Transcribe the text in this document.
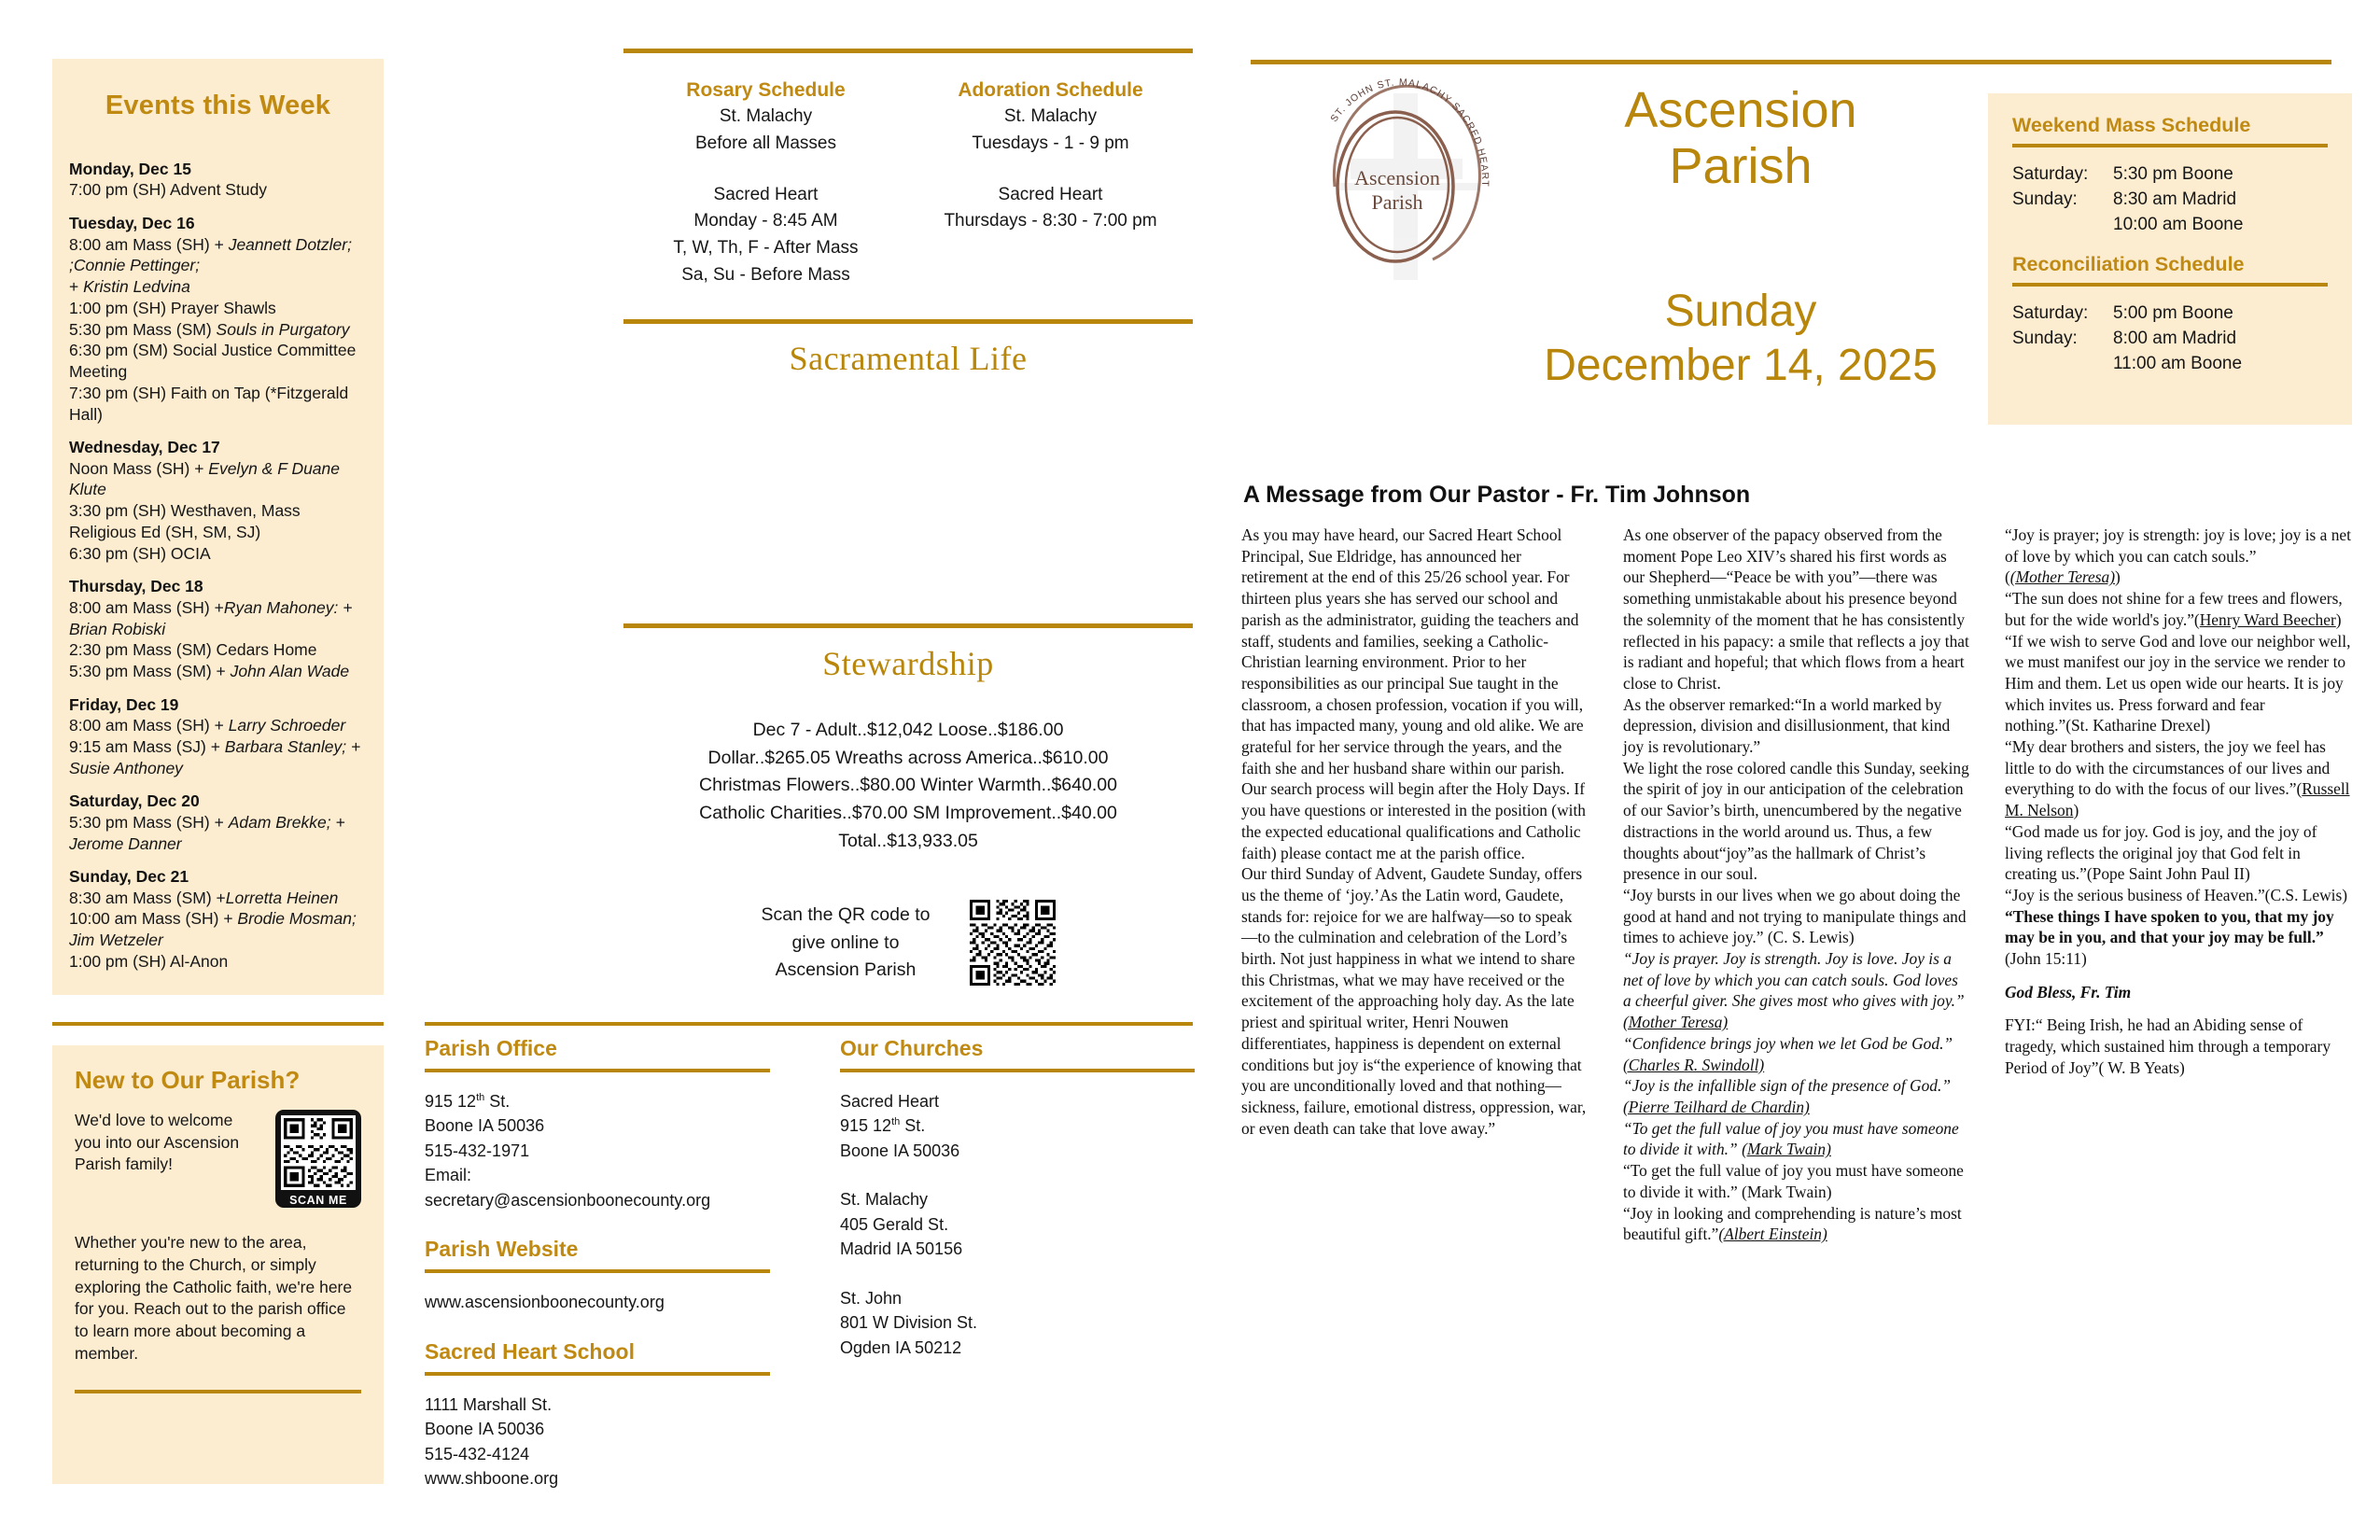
Events this Week
Monday, Dec 15
7:00 pm (SH) Advent Study
Tuesday, Dec 16
8:00 am Mass (SH) + Jeannett Dotzler; ;Connie Pettinger;
+ Kristin Ledvina
1:00 pm (SH) Prayer Shawls
5:30 pm Mass (SM) Souls in Purgatory
6:30 pm (SM) Social Justice Committee Meeting
7:30 pm (SH) Faith on Tap (*Fitzgerald Hall)
Wednesday, Dec 17
Noon Mass (SH) + Evelyn & F Duane Klute
3:30 pm (SH) Westhaven, Mass
Religious Ed (SH, SM, SJ)
6:30 pm (SH) OCIA
Thursday, Dec 18
8:00 am Mass (SH) +Ryan Mahoney: + Brian Robiski
2:30 pm Mass (SM) Cedars Home
5:30 pm Mass (SM) + John Alan Wade
Friday, Dec 19
8:00 am Mass (SH) + Larry Schroeder
9:15 am Mass (SJ) + Barbara Stanley; + Susie Anthoney
Saturday, Dec 20
5:30 pm Mass (SH) + Adam Brekke; + Jerome Danner
Sunday, Dec 21
8:30 am Mass (SM) +Lorretta Heinen
10:00 am Mass (SH) + Brodie Mosman; Jim Wetzeler
1:00 pm (SH) Al-Anon
Rosary Schedule
St. Malachy
Before all Masses
Sacred Heart
Monday - 8:45 AM
T, W, Th, F - After Mass
Sa, Su - Before Mass
Adoration Schedule
St. Malachy
Tuesdays - 1 - 9 pm
Sacred Heart
Thursdays - 8:30 - 7:00 pm
Sacramental Life
Stewardship
Dec 7 - Adult..$12,042 Loose..$186.00
Dollar..$265.05 Wreaths across America..$610.00
Christmas Flowers..$80.00 Winter Warmth..$640.00
Catholic Charities..$70.00 SM Improvement..$40.00
Total..$13,933.05
Scan the QR code to
give online to
Ascension Parish
Ascension
Parish
ST. JOHN ST. MALACHY SACRED HEART
Ascension
Parish
Sunday
December 14, 2025
Weekend Mass Schedule
Saturday:	5:30 pm Boone
Sunday:	8:30 am Madrid
10:00 am Boone
Reconciliation Schedule
Saturday:	5:00 pm Boone
Sunday:	8:00 am Madrid
11:00 am Boone
A Message from Our Pastor - Fr. Tim Johnson

As you may have heard, our Sacred Heart School Principal, Sue Eldridge, has announced her retirement at the end of this 25/26 school year. For thirteen plus years she has served our school and parish as the administrator, guiding the teachers and staff, students and families, seeking a Catholic-Christian learning environment. Prior to her responsibilities as our principal Sue taught in the classroom, a chosen profession, vocation if you will, that has impacted many, young and old alike. We are grateful for her service through the years, and the faith she and her husband share within our parish. Our search process will begin after the Holy Days. If you have questions or interested in the position (with the expected educational qualifications and Catholic faith) please contact me at the parish office.

Our third Sunday of Advent, Gaudete Sunday, offers us the theme of ‘joy.’As the Latin word, Gaudete, stands for: rejoice for we are halfway—so to speak—to the culmination and celebration of the Lord’s birth. Not just happiness in what we intend to share this Christmas, what we may have received or the excitement of the approaching holy day. As the late priest and spiritual writer, Henri Nouwen differentiates, happiness is dependent on external conditions but joy is“the experience of knowing that you are unconditionally loved and that nothing—sickness, failure, emotional distress, oppression, war, or even death can take that love away.”

As one observer of the papacy observed from the moment Pope Leo XIV’s shared his first words as our Shepherd—“Peace be with you”—there was something unmistakable about his presence beyond the solemnity of the moment that he has consistently reflected in his papacy: a smile that reflects a joy that is radiant and hopeful; that which flows from a heart close to Christ.

As the observer remarked:“In a world marked by depression, division and disillusionment, that kind joy is revolutionary.”

We light the rose colored candle this Sunday, seeking the spirit of joy in our anticipation of the celebration of our Savior’s birth, unencumbered by the negative distractions in the world around us. Thus, a few thoughts about“joy”as the hallmark of Christ’s presence in our soul.

“Joy bursts in our lives when we go about doing the good at hand and not trying to manipulate things and times to achieve joy.” (C. S. Lewis)

“Joy is prayer. Joy is strength. Joy is love. Joy is a net of love by which you can catch souls. God loves a cheerful giver. She gives most who gives with joy.” (Mother Teresa)

“Confidence brings joy when we let God be God.” (Charles R. Swindoll)

“Joy is the infallible sign of the presence of God.” (Pierre Teilhard de Chardin)

“To get the full value of joy you must have someone to divide it with.” (Mark Twain)

“To get the full value of joy you must have someone to divide it with.” (Mark Twain)

“Joy in looking and comprehending is nature’s most beautiful gift.”(Albert Einstein)

“Joy is prayer; joy is strength: joy is love; joy is a net of love by which you can catch souls.”

((Mother Teresa))

“The sun does not shine for a few trees and flowers, but for the wide world's joy.”(Henry Ward Beecher)

“If we wish to serve God and love our neighbor well, we must manifest our joy in the service we render to Him and them. Let us open wide our hearts. It is joy which invites us. Press forward and fear nothing.”(St. Katharine Drexel)

“My dear brothers and sisters, the joy we feel has little to do with the circumstances of our lives and everything to do with the focus of our lives.”(Russell M. Nelson)

“God made us for joy. God is joy, and the joy of living reflects the original joy that God felt in creating us.”(Pope Saint John Paul II)

“Joy is the serious business of Heaven.”(C.S. Lewis)

“These things I have spoken to you, that my joy may be in you, and that your joy may be full.” (John 15:11)

God Bless, Fr. Tim

FYI:“ Being Irish, he had an Abiding sense of tragedy, which sustained him through a temporary Period of Joy”( W. B Yeats)

New to Our Parish?
We'd love to welcome you into our Ascension Parish family!
SCAN ME
Whether you're new to the area, returning to the Church, or simply exploring the Catholic faith, we're here for you. Reach out to the parish office to learn more about becoming a member.
Parish Office
915 12th St.
Boone IA 50036
515-432-1971
Email:
secretary@ascensionboonecounty.org
Parish Website
www.ascensionboonecounty.org
Sacred Heart School
1111 Marshall St.
Boone IA 50036
515-432-4124
www.shboone.org
Our Churches
Sacred Heart
915 12th St.
Boone IA 50036
St. Malachy
405 Gerald St.
Madrid IA 50156
St. John
801 W Division St.
Ogden IA 50212
